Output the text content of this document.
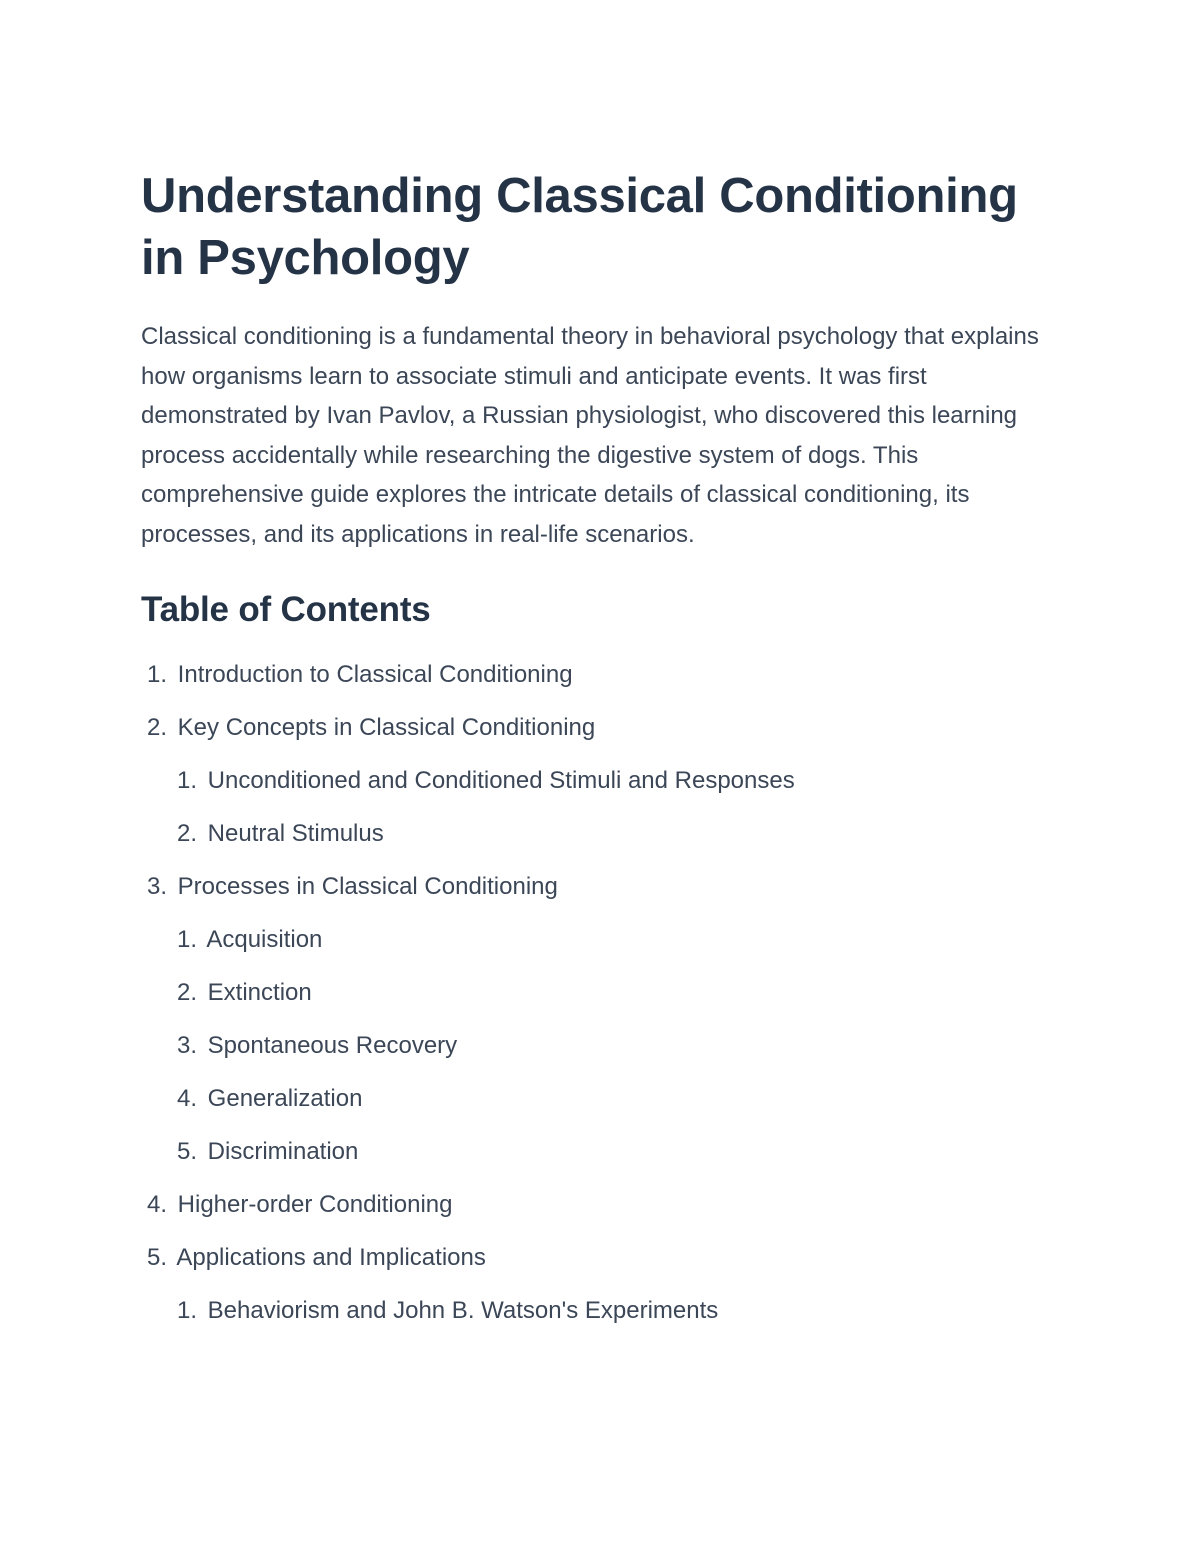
Understanding Classical Conditioning in Psychology

Classical conditioning is a fundamental theory in behavioral psychology that explains how organisms learn to associate stimuli and anticipate events. It was first demonstrated by Ivan Pavlov, a Russian physiologist, who discovered this learning process accidentally while researching the digestive system of dogs. This comprehensive guide explores the intricate details of classical conditioning, its processes, and its applications in real-life scenarios.

Table of Contents
1. Introduction to Classical Conditioning
2. Key Concepts in Classical Conditioning
1. Unconditioned and Conditioned Stimuli and Responses
2. Neutral Stimulus
3. Processes in Classical Conditioning
1. Acquisition
2. Extinction
3. Spontaneous Recovery
4. Generalization
5. Discrimination
4. Higher-order Conditioning
5. Applications and Implications
1. Behaviorism and John B. Watson's Experiments
